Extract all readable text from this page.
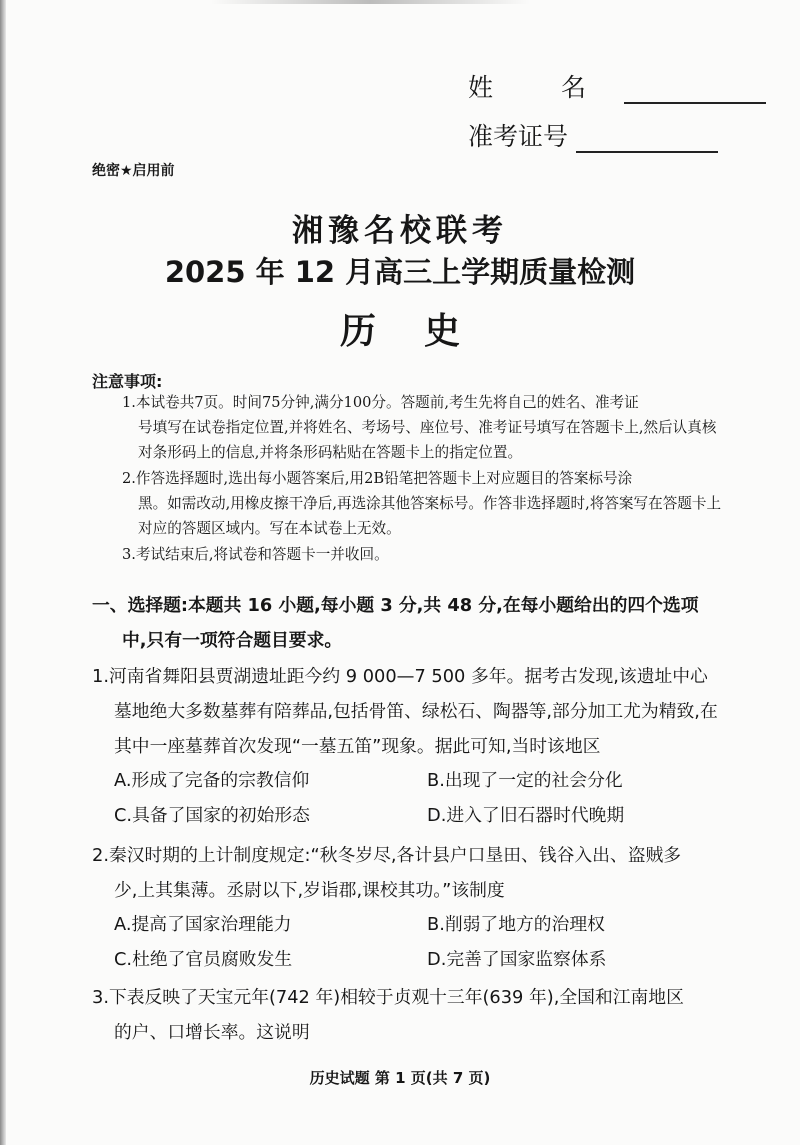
姓 名
准考证号
绝密★启用前
湘豫名校联考
2025 年 12 月高三上学期质量检测
历史
注意事项:
1.本试卷共7页。时间75分钟,满分100分。答题前,考生先将自己的姓名、准考证
号填写在试卷指定位置,并将姓名、考场号、座位号、准考证号填写在答题卡上,然后认真核对条形码上的信息,并将条形码粘贴在答题卡上的指定位置。
2.作答选择题时,选出每小题答案后,用2B铅笔把答题卡上对应题目的答案标号涂
黑。如需改动,用橡皮擦干净后,再选涂其他答案标号。作答非选择题时,将答案写在答题卡上对应的答题区域内。写在本试卷上无效。
3.考试结束后,将试卷和答题卡一并收回。
一、选择题:本题共 16 小题,每小题 3 分,共 48 分,在每小题给出的四个选项
中,只有一项符合题目要求。
1.河南省舞阳县贾湖遗址距今约 9 000—7 500 多年。据考古发现,该遗址中心
墓地绝大多数墓葬有陪葬品,包括骨笛、绿松石、陶器等,部分加工尤为精致,在其中一座墓葬首次发现“一墓五笛”现象。据此可知,当时该地区
A.形成了完备的宗教信仰	B.出现了一定的社会分化
C.具备了国家的初始形态	D.进入了旧石器时代晚期
2.秦汉时期的上计制度规定:“秋冬岁尽,各计县户口垦田、钱谷入出、盗贼多
少,上其集薄。丞尉以下,岁诣郡,课校其功。”该制度
A.提高了国家治理能力	B.削弱了地方的治理权
C.杜绝了官员腐败发生	D.完善了国家监察体系
3.下表反映了天宝元年(742 年)相较于贞观十三年(639 年),全国和江南地区
的户、口增长率。这说明
历史试题 第 1 页(共 7 页)
